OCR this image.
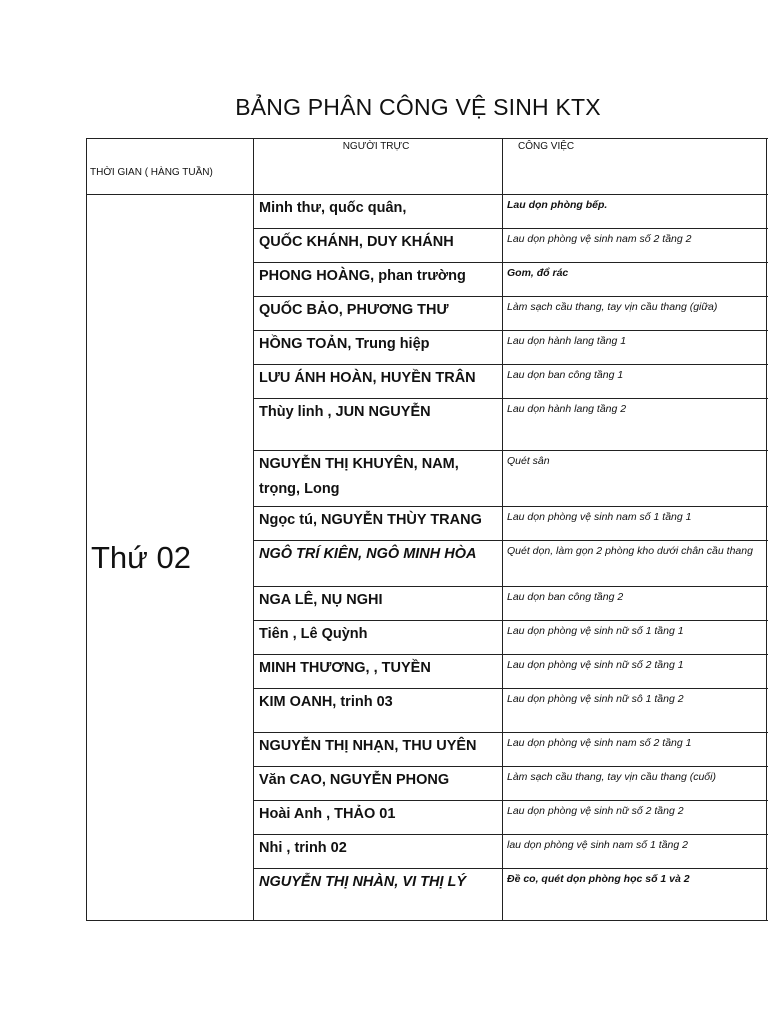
BẢNG PHÂN CÔNG VỆ SINH KTX
THỜI GIAN ( HÀNG TUẦN)	NGƯỜI TRỰC	CÔNG VIỆC	
Thứ 02	Minh thư, quốc quân,	Lau dọn phòng bếp.	
	QUỐC KHÁNH, DUY KHÁNH	Lau dọn phòng vệ sinh nam số 2 tầng 2	
	PHONG HOÀNG, phan trường	Gom, đổ rác	
	QUỐC BẢO, PHƯƠNG THƯ	Làm sạch cầu thang, tay vịn cầu thang (giữa)	
	HỒNG TOẢN, Trung hiệp	Lau dọn hành lang tầng 1	
	LƯU ÁNH HOÀN, HUYỀN TRÂN	Lau dọn ban công tầng 1	
	Thùy linh , JUN NGUYỄN	Lau dọn hành lang tầng 2	
	NGUYỄN THỊ KHUYÊN, NAM, trọng, Long	Quét sân	
	Ngọc tú, NGUYỄN THÙY TRANG	Lau dọn phòng vệ sinh nam số 1 tầng 1	
	NGÔ TRÍ KIÊN, NGÔ MINH HÒA	Quét dọn, làm gọn 2 phòng kho dưới chân cầu thang	
	NGA LÊ, NỤ NGHI	Lau dọn ban công tầng 2	
	Tiên , Lê Quỳnh	Lau dọn phòng vệ sinh nữ số 1 tầng 1	
	MINH THƯƠNG, , TUYỀN	Lau dọn phòng vệ sinh nữ số 2 tầng 1	
	KIM OANH, trinh 03	Lau dọn phòng vệ sinh nữ sô 1 tầng 2	
	NGUYỄN THỊ NHẠN, THU UYÊN	Lau dọn phòng vệ sinh nam số 2 tầng 1	
	Văn CAO, NGUYỄN PHONG	Làm sạch cầu thang, tay vịn cầu thang (cuối)	
	Hoài Anh , THẢO 01	Lau dọn phòng vệ sinh nữ số 2 tầng 2	
	Nhi , trinh 02	lau dọn phòng vệ sinh nam số 1 tầng 2	
	NGUYỄN THỊ NHÀN, VI THỊ LÝ	Đề co, quét dọn phòng học số 1 và 2	
